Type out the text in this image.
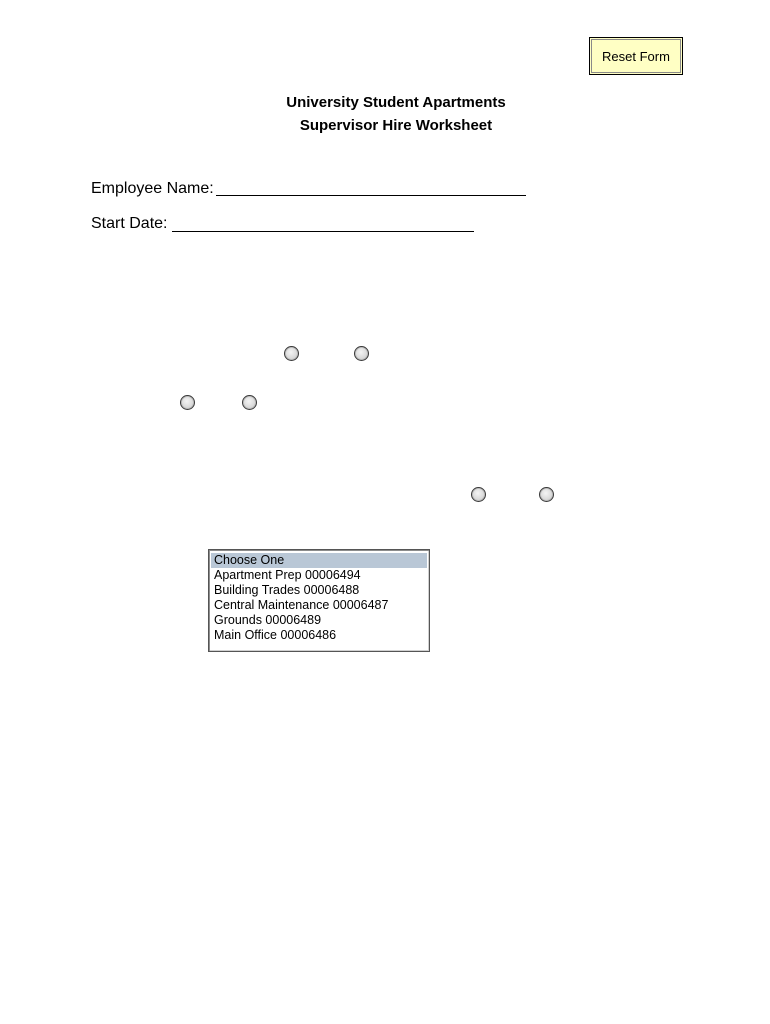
Reset Form
University Student Apartments
Supervisor Hire Worksheet
Employee Name:
Start Date:
Choose One
Apartment Prep 00006494
Building Trades 00006488
Central Maintenance 00006487
Grounds 00006489
Main Office 00006486
